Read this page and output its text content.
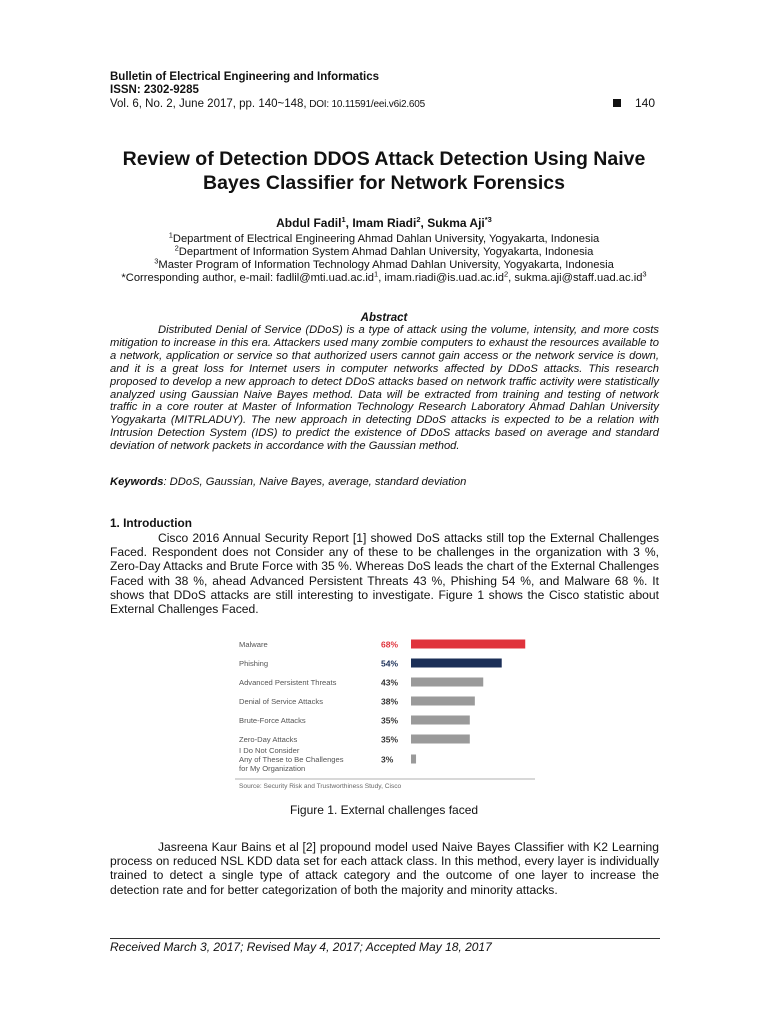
Bulletin of Electrical Engineering and Informatics
ISSN: 2302-9285
Vol. 6, No. 2, June 2017, pp. 140~148, DOI: 10.11591/eei.v6i2.605	140
Review of Detection DDOS Attack Detection Using Naive Bayes Classifier for Network Forensics
Abdul Fadil$^1$, Imam Riadi$^2$, Sukma Aji$^{*3}$
$^1$Department of Electrical Engineering Ahmad Dahlan University, Yogyakarta, Indonesia
$^2$Department of Information System Ahmad Dahlan University, Yogyakarta, Indonesia
$^3$Master Program of Information Technology Ahmad Dahlan University, Yogyakarta, Indonesia
*Corresponding author, e-mail: $fadlil@mti.uad.ac.id^1$, $imam.riadi@is.uad.ac.id^2$, $sukma.aji@staff.uad.ac.id^3$
Abstract

Distributed Denial of Service (DDoS) is a type of attack using the volume, intensity, and more costs mitigation to increase in this era. Attackers used many zombie computers to exhaust the resources available to a network, application or service so that authorized users cannot gain access or the network service is down, and it is a great loss for Internet users in computer networks affected by DDoS attacks. This research proposed to develop a new approach to detect DDoS attacks based on network traffic activity were statistically analyzed using Gaussian Naive Bayes method. Data will be extracted from training and testing of network traffic in a core router at Master of Information Technology Research Laboratory Ahmad Dahlan University Yogyakarta (MITRLADUY). The new approach in detecting DDoS attacks is expected to be a relation with Intrusion Detection System (IDS) to predict the existence of DDoS attacks based on average and standard deviation of network packets in accordance with the Gaussian method.

Keywords: DDoS, Gaussian, Naive Bayes, average, standard deviation
1. Introduction

Cisco 2016 Annual Security Report [1] showed DoS attacks still top the External Challenges Faced. Respondent does not Consider any of these to be challenges in the organization with 3 %, Zero-Day Attacks and Brute Force with 35 %. Whereas DoS leads the chart of the External Challenges Faced with 38 %, ahead Advanced Persistent Threats 43 %, Phishing 54 %, and Malware 68 %. It shows that DDoS attacks are still interesting to investigate. Figure 1 shows the Cisco statistic about External Challenges Faced.

Malware	68%
Phishing	54%
Advanced Persistent Threats	43%
Denial of Service Attacks	38%
Brute-Force Attacks	35%
Zero-Day Attacks	35%
I Do Not Consider
Any of These to Be Challenges
for My Organization
3%
Source: Security Risk and Trustworthiness Study, Cisco
Figure 1. External challenges faced

Jasreena Kaur Bains et al [2] propound model used Naive Bayes Classifier with K2 Learning process on reduced NSL KDD data set for each attack class. In this method, every layer is individually trained to detect a single type of attack category and the outcome of one layer to increase the detection rate and for better categorization of both the majority and minority attacks.

Received March 3, 2017; Revised May 4, 2017; Accepted May 18, 2017
